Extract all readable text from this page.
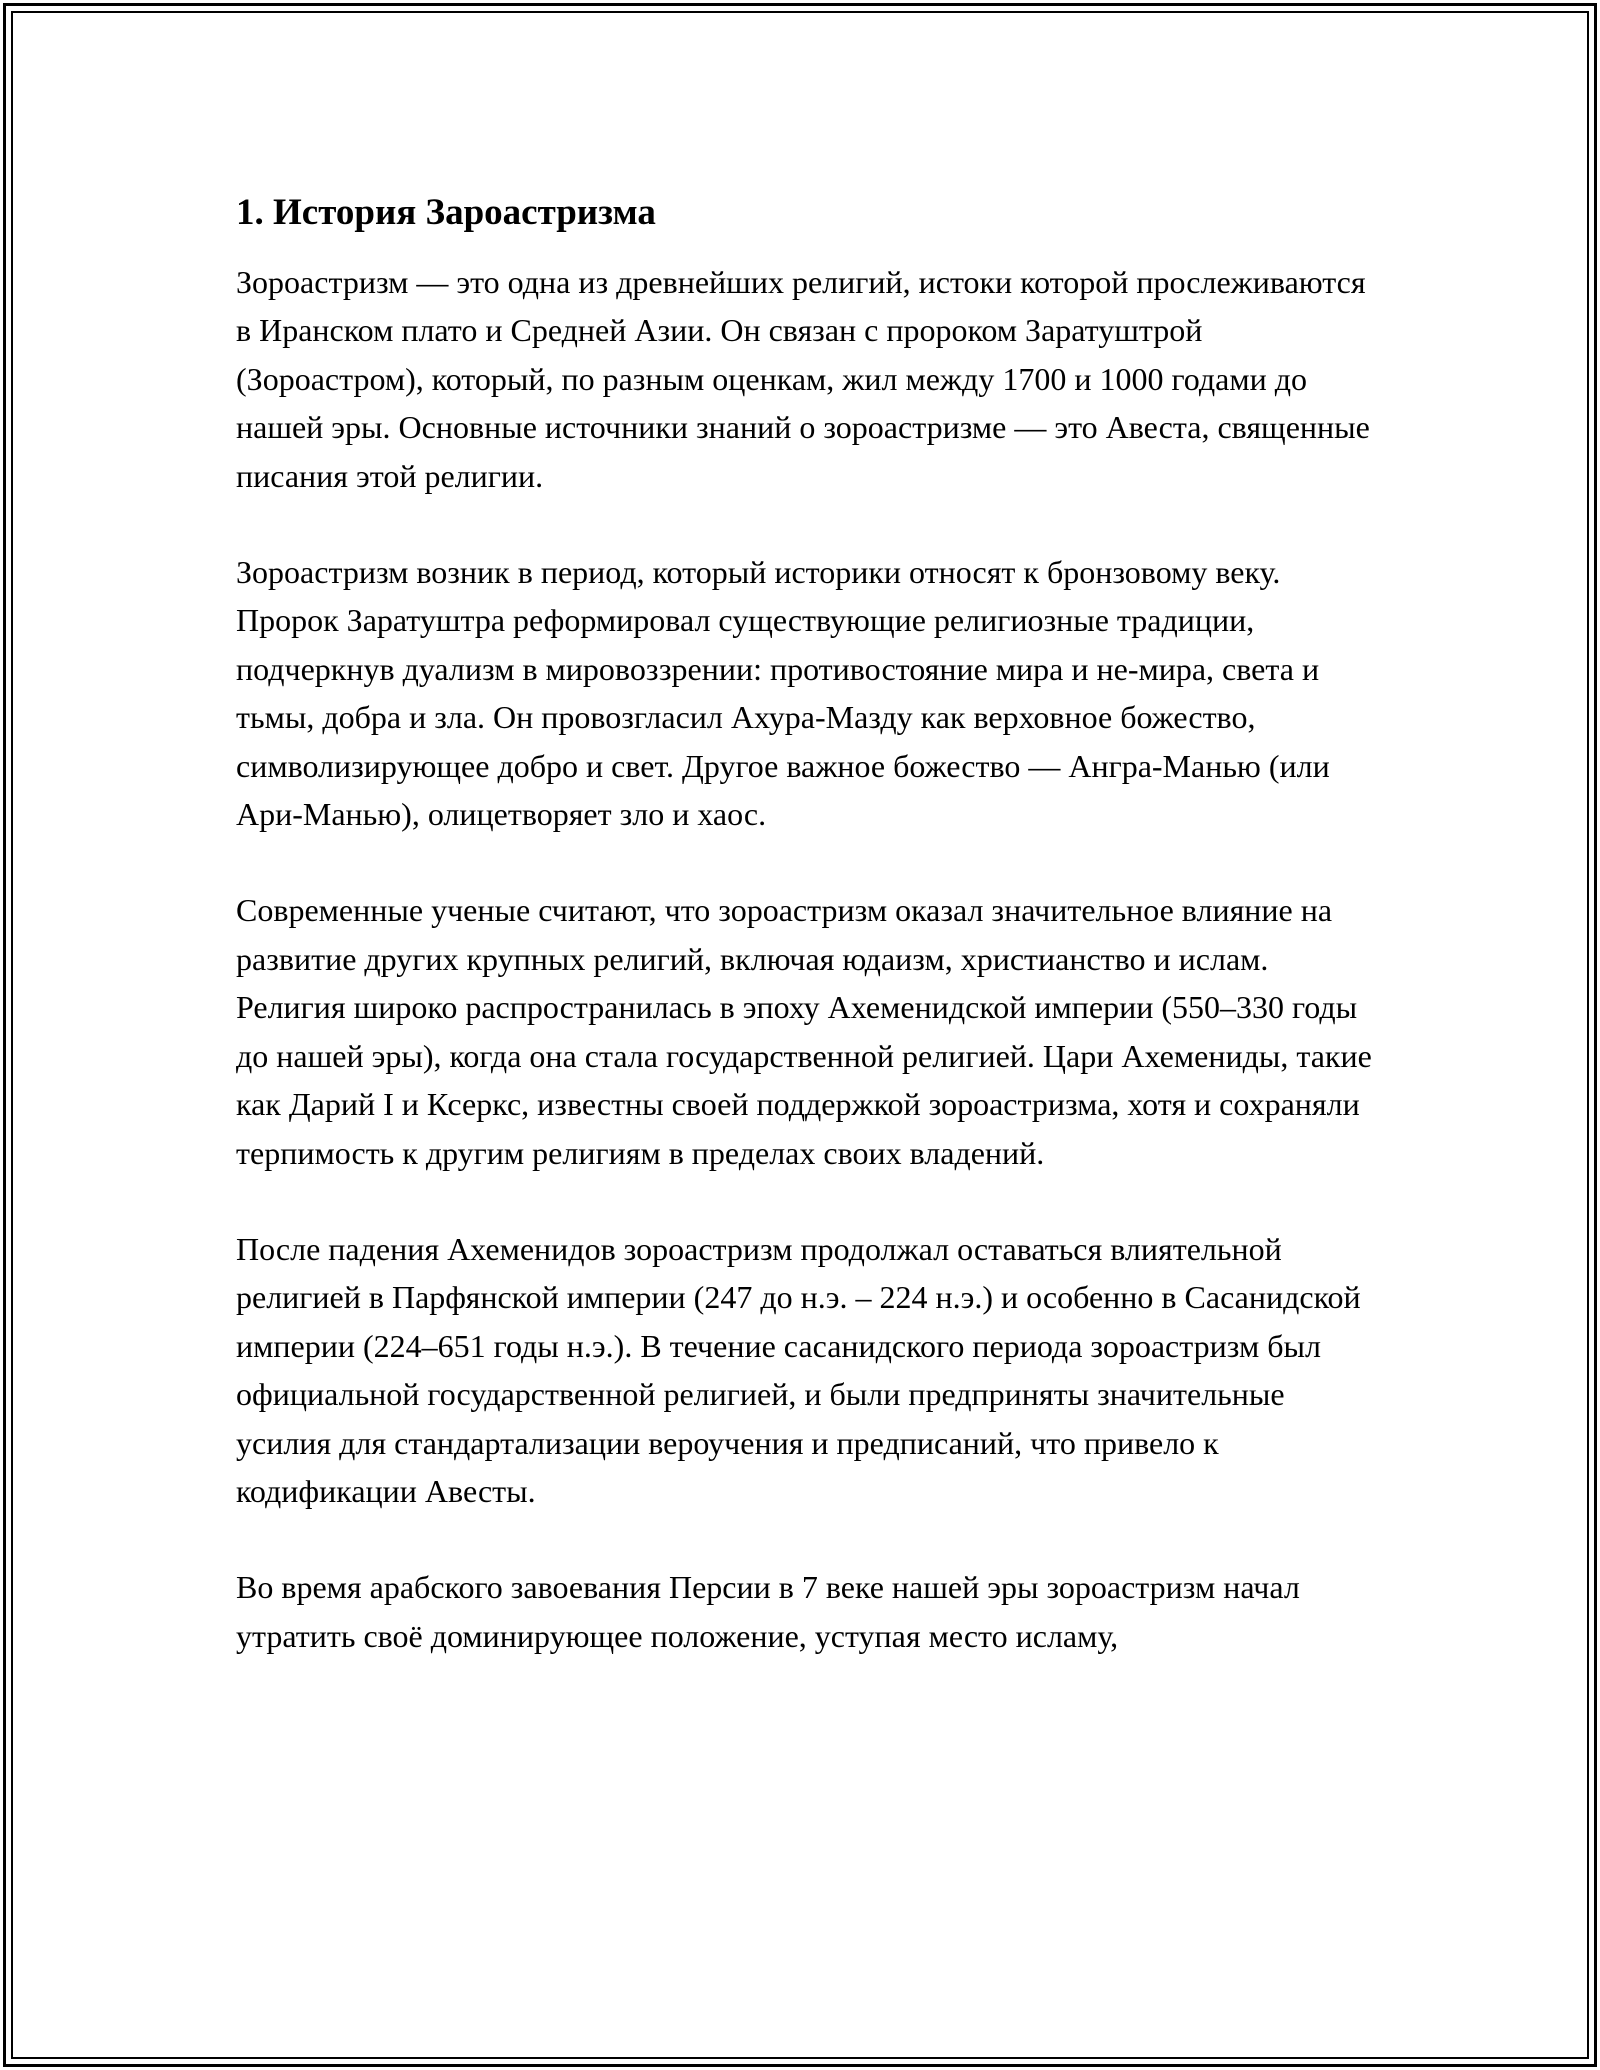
1. История Зароастризма

Зороастризм — это одна из древнейших религий, истоки которой прослеживаются в Иранском плато и Средней Азии. Он связан с пророком Заратуштрой (Зороастром), который, по разным оценкам, жил между 1700 и 1000 годами до нашей эры. Основные источники знаний о зороастризме — это Авеста, священные писания этой религии.

Зороастризм возник в период, который историки относят к бронзовому веку. Пророк Заратуштра реформировал существующие религиозные традиции, подчеркнув дуализм в мировоззрении: противостояние мира и не-мира, света и тьмы, добра и зла. Он провозгласил Ахура-Мазду как верховное божество, символизирующее добро и свет. Другое важное божество — Ангра-Манью (или Ари-Манью), олицетворяет зло и хаос.

Современные ученые считают, что зороастризм оказал значительное влияние на развитие других крупных религий, включая юдаизм, христианство и ислам. Религия широко распространилась в эпоху Ахеменидской империи (550–330 годы до нашей эры), когда она стала государственной религией. Цари Ахемениды, такие как Дарий I и Ксеркс, известны своей поддержкой зороастризма, хотя и сохраняли терпимость к другим религиям в пределах своих владений.

После падения Ахеменидов зороастризм продолжал оставаться влиятельной религией в Парфянской империи (247 до н.э. – 224 н.э.) и особенно в Сасанидской империи (224–651 годы н.э.). В течение сасанидского периода зороастризм был официальной государственной религией, и были предприняты значительные усилия для стандартализации вероучения и предписаний, что привело к кодификации Авесты.

Во время арабского завоевания Персии в 7 веке нашей эры зороастризм начал утратить своё доминирующее положение, уступая место исламу,
